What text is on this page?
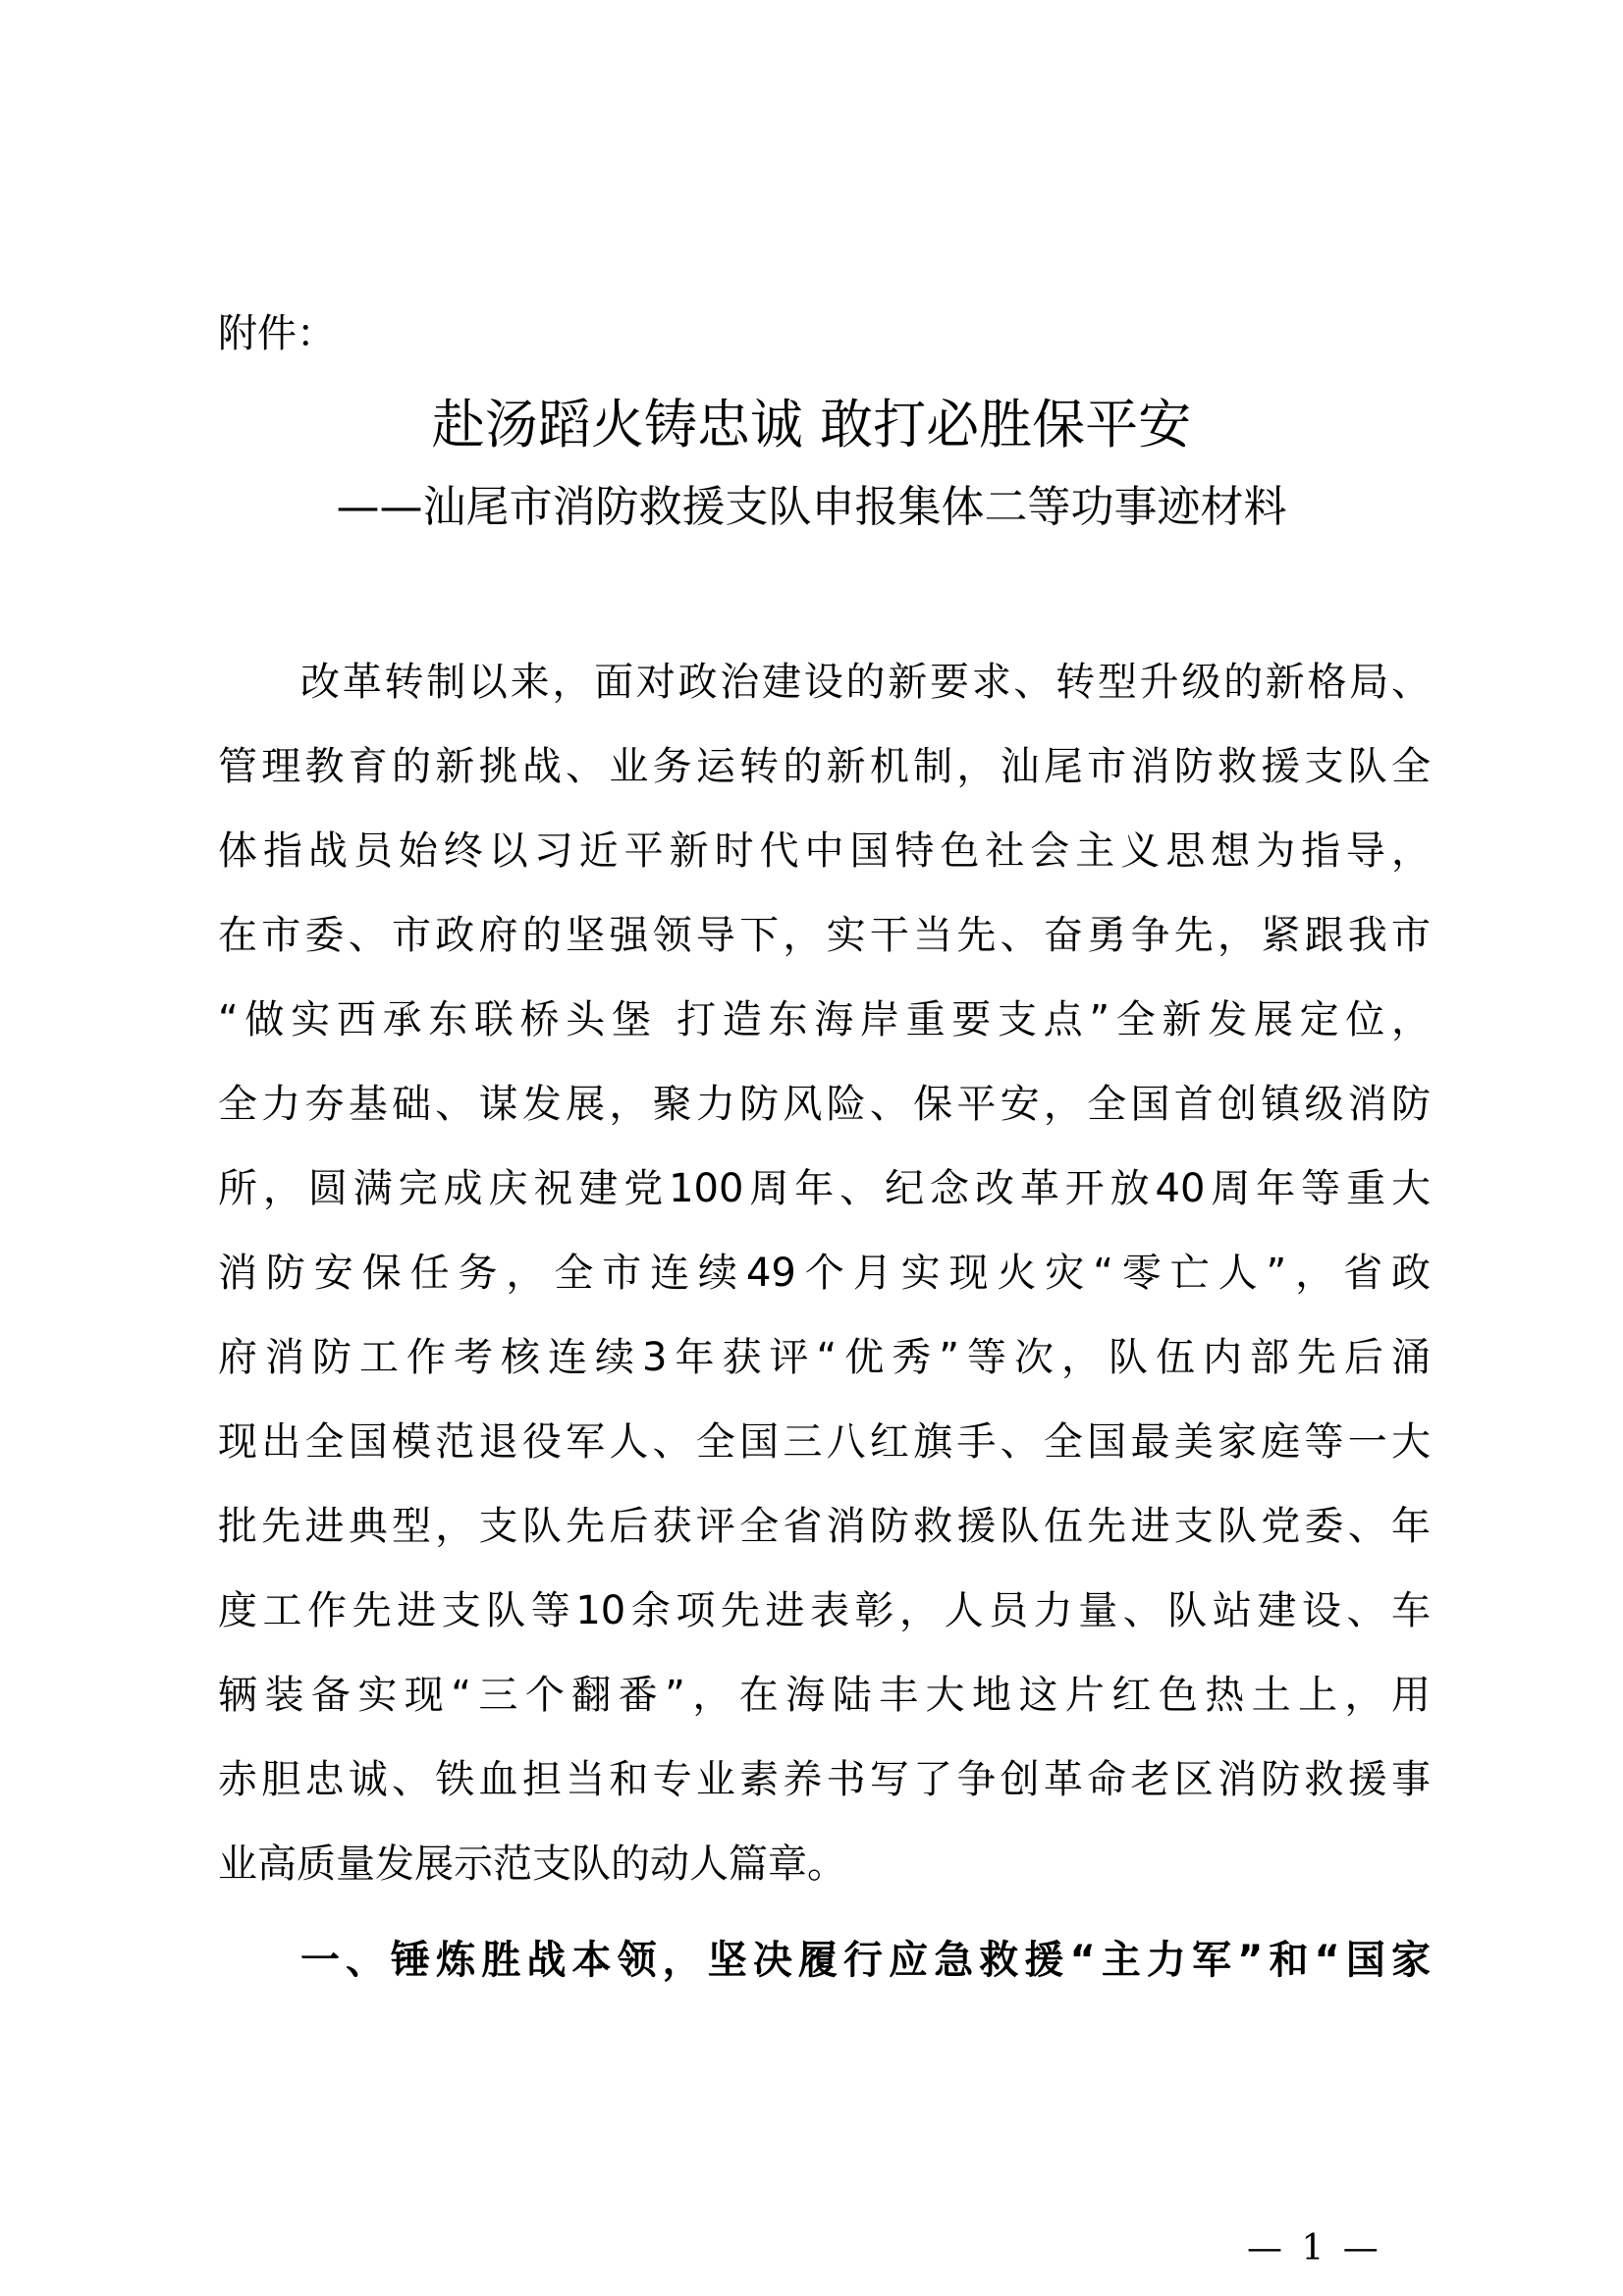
附件：
赴汤蹈火铸忠诚 敢打必胜保平安
——汕尾市消防救援支队申报集体二等功事迹材料
改革转制以来，面对政治建设的新要求、转型升级的新格局、
管理教育的新挑战、业务运转的新机制，汕尾市消防救援支队全
体指战员始终以习近平新时代中国特色社会主义思想为指导，
在市委、市政府的坚强领导下，实干当先、奋勇争先，紧跟我市
“做实西承东联桥头堡 打造东海岸重要支点”全新发展定位，
全力夯基础、谋发展，聚力防风险、保平安，全国首创镇级消防
所，圆满完成庆祝建党100周年、纪念改革开放40周年等重大
消防安保任务，全市连续49个月实现火灾“零亡人”，省政
府消防工作考核连续3年获评“优秀”等次，队伍内部先后涌
现出全国模范退役军人、全国三八红旗手、全国最美家庭等一大
批先进典型，支队先后获评全省消防救援队伍先进支队党委、年
度工作先进支队等10余项先进表彰，人员力量、队站建设、车
辆装备实现“三个翻番”，在海陆丰大地这片红色热土上，用
赤胆忠诚、铁血担当和专业素养书写了争创革命老区消防救援事
业高质量发展示范支队的动人篇章。
一、锤炼胜战本领，坚决履行应急救援“主力军”和“国家
— 1 —
